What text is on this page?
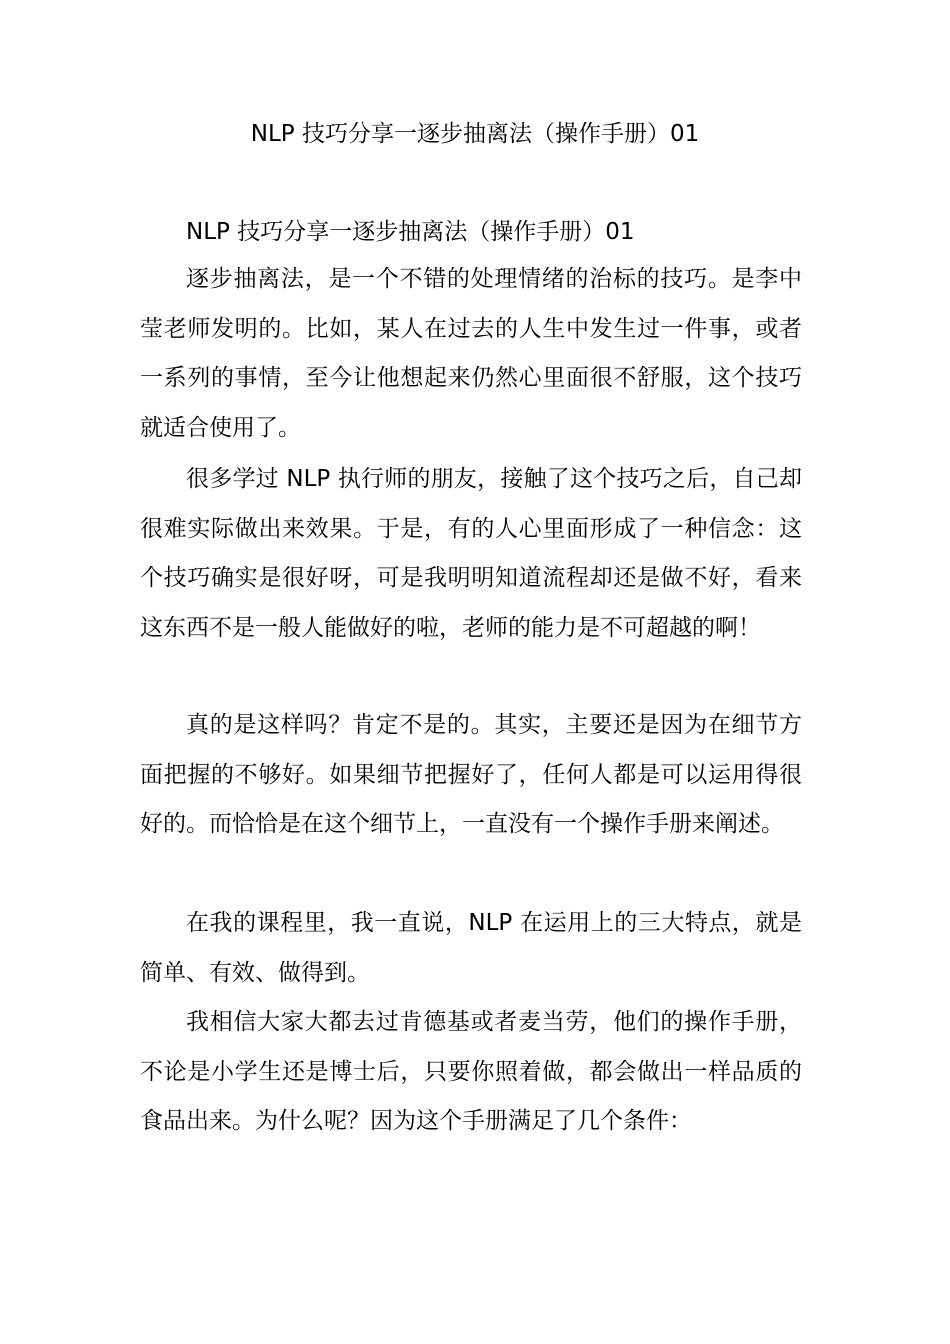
NLP 技巧分享一逐步抽离法（操作手册）01

NLP 技巧分享一逐步抽离法（操作手册）01

逐步抽离法，是一个不错的处理情绪的治标的技巧。是李中莹老师发明的。比如，某人在过去的人生中发生过一件事，或者一系列的事情，至今让他想起来仍然心里面很不舒服，这个技巧就适合使用了。

很多学过 NLP 执行师的朋友，接触了这个技巧之后，自己却很难实际做出来效果。于是，有的人心里面形成了一种信念：这个技巧确实是很好呀，可是我明明知道流程却还是做不好，看来这东西不是一般人能做好的啦，老师的能力是不可超越的啊！

真的是这样吗？肯定不是的。其实，主要还是因为在细节方面把握的不够好。如果细节把握好了，任何人都是可以运用得很好的。而恰恰是在这个细节上，一直没有一个操作手册来阐述。

在我的课程里，我一直说，NLP 在运用上的三大特点，就是简单、有效、做得到。

我相信大家大都去过肯德基或者麦当劳，他们的操作手册，不论是小学生还是博士后，只要你照着做，都会做出一样品质的食品出来。为什么呢？因为这个手册满足了几个条件：
